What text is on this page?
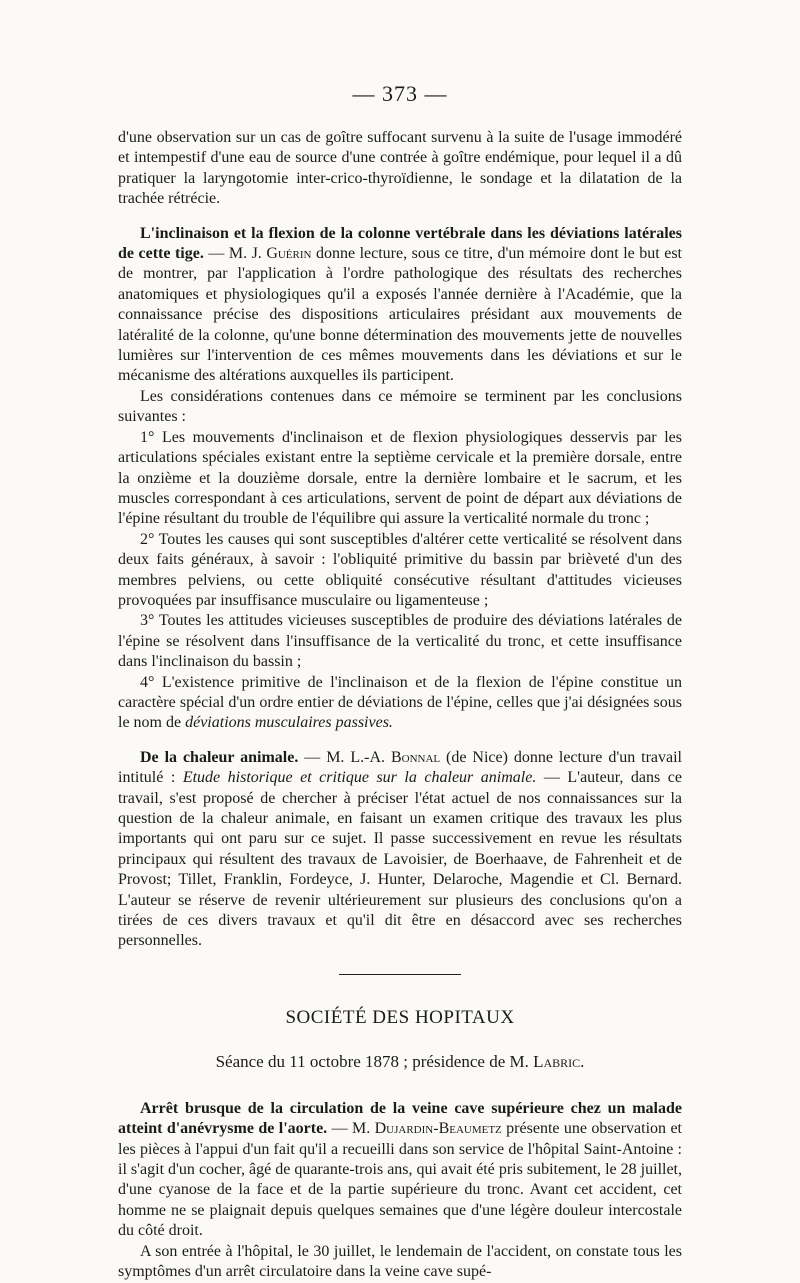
— 373 —

d'une observation sur un cas de goître suffocant survenu à la suite de l'usage immodéré et intempestif d'une eau de source d'une contrée à goître endémique, pour lequel il a dû pratiquer la laryngotomie inter-crico-thyroïdienne, le sondage et la dilatation de la trachée rétrécie.

L'inclinaison et la flexion de la colonne vertébrale dans les déviations latérales de cette tige. — M. J. Guérin donne lecture, sous ce titre, d'un mémoire dont le but est de montrer, par l'application à l'ordre pathologique des résultats des recherches anatomiques et physiologiques qu'il a exposés l'année dernière à l'Académie, que la connaissance précise des dispositions articulaires présidant aux mouvements de latéralité de la colonne, qu'une bonne détermination des mouvements jette de nouvelles lumières sur l'intervention de ces mêmes mouvements dans les déviations et sur le mécanisme des altérations auxquelles ils participent.

Les considérations contenues dans ce mémoire se terminent par les conclusions suivantes :

1° Les mouvements d'inclinaison et de flexion physiologiques desservis par les articulations spéciales existant entre la septième cervicale et la première dorsale, entre la onzième et la douzième dorsale, entre la dernière lombaire et le sacrum, et les muscles correspondant à ces articulations, servent de point de départ aux déviations de l'épine résultant du trouble de l'équilibre qui assure la verticalité normale du tronc ;

2° Toutes les causes qui sont susceptibles d'altérer cette verticalité se résolvent dans deux faits généraux, à savoir : l'obliquité primitive du bassin par brièveté d'un des membres pelviens, ou cette obliquité consécutive résultant d'attitudes vicieuses provoquées par insuffisance musculaire ou ligamenteuse ;

3° Toutes les attitudes vicieuses susceptibles de produire des déviations latérales de l'épine se résolvent dans l'insuffisance de la verticalité du tronc, et cette insuffisance dans l'inclinaison du bassin ;

4° L'existence primitive de l'inclinaison et de la flexion de l'épine constitue un caractère spécial d'un ordre entier de déviations de l'épine, celles que j'ai désignées sous le nom de déviations musculaires passives.

De la chaleur animale. — M. L.-A. Bonnal (de Nice) donne lecture d'un travail intitulé : Etude historique et critique sur la chaleur animale. — L'auteur, dans ce travail, s'est proposé de chercher à préciser l'état actuel de nos connaissances sur la question de la chaleur animale, en faisant un examen critique des travaux les plus importants qui ont paru sur ce sujet. Il passe successivement en revue les résultats principaux qui résultent des travaux de Lavoisier, de Boerhaave, de Fahrenheit et de Provost; Tillet, Franklin, Fordeyce, J. Hunter, Delaroche, Magendie et Cl. Bernard. L'auteur se réserve de revenir ultérieurement sur plusieurs des conclusions qu'on a tirées de ces divers travaux et qu'il dit être en désaccord avec ses recherches personnelles.

SOCIÉTÉ DES HOPITAUX
Séance du 11 octobre 1878 ; présidence de M. Labric.

Arrêt brusque de la circulation de la veine cave supérieure chez un malade atteint d'anévrysme de l'aorte. — M. Dujardin-Beaumetz présente une observation et les pièces à l'appui d'un fait qu'il a recueilli dans son service de l'hôpital Saint-Antoine : il s'agit d'un cocher, âgé de quarante-trois ans, qui avait été pris subitement, le 28 juillet, d'une cyanose de la face et de la partie supérieure du tronc. Avant cet accident, cet homme ne se plaignait depuis quelques semaines que d'une légère douleur intercostale du côté droit.

A son entrée à l'hôpital, le 30 juillet, le lendemain de l'accident, on constate tous les symptômes d'un arrêt circulatoire dans la veine cave supé-
